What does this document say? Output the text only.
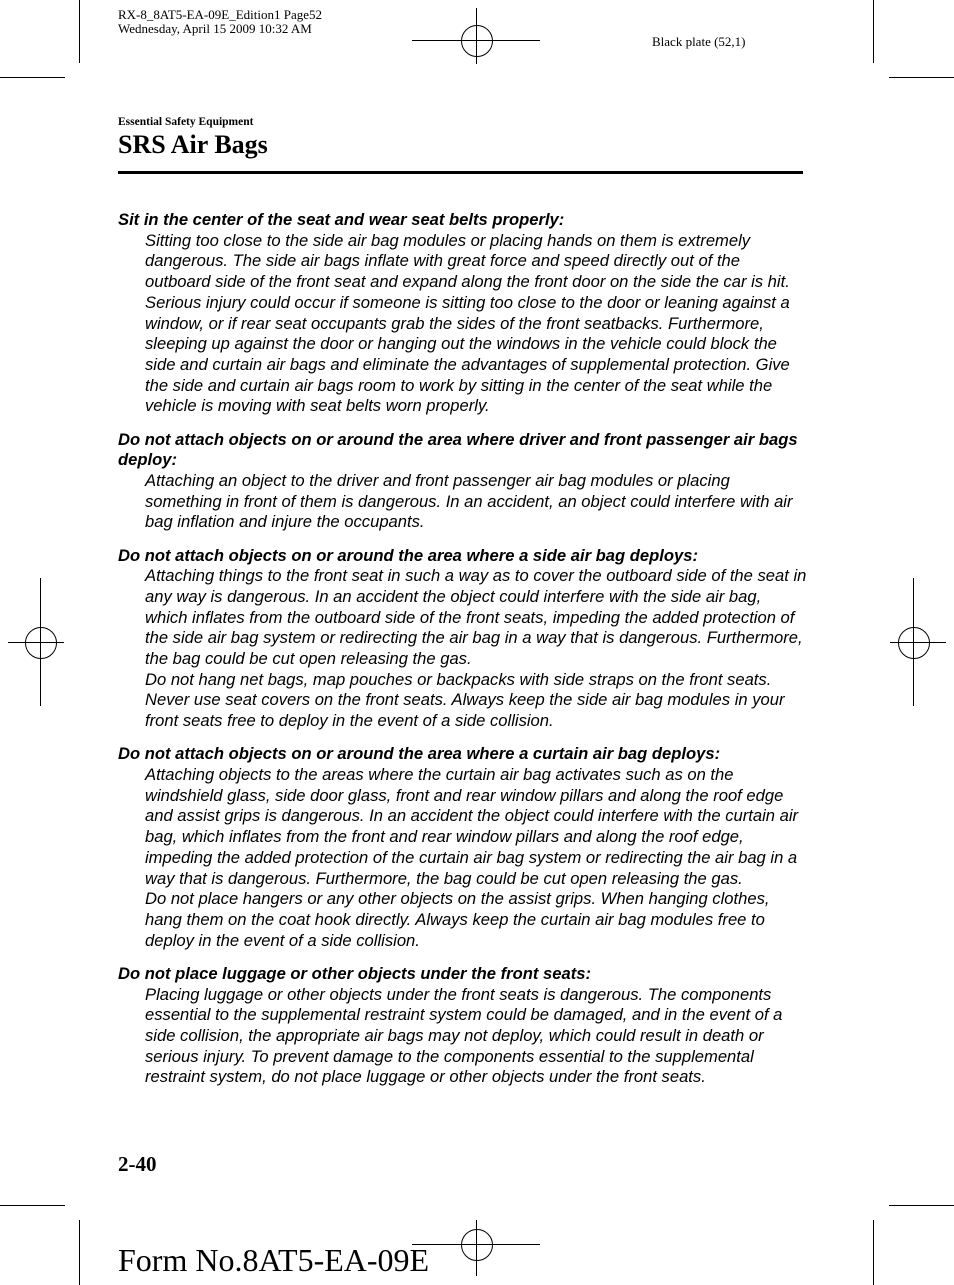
RX-8_8AT5-EA-09E_Edition1 Page52
Wednesday, April 15 2009 10:32 AM
Black plate (52,1)
Essential Safety Equipment
SRS Air Bags
Sit in the center of the seat and wear seat belts properly:
Sitting too close to the side air bag modules or placing hands on them is extremely dangerous. The side air bags inflate with great force and speed directly out of the outboard side of the front seat and expand along the front door on the side the car is hit. Serious injury could occur if someone is sitting too close to the door or leaning against a window, or if rear seat occupants grab the sides of the front seatbacks. Furthermore, sleeping up against the door or hanging out the windows in the vehicle could block the side and curtain air bags and eliminate the advantages of supplemental protection. Give the side and curtain air bags room to work by sitting in the center of the seat while the vehicle is moving with seat belts worn properly.
Do not attach objects on or around the area where driver and front passenger air bags deploy:
Attaching an object to the driver and front passenger air bag modules or placing something in front of them is dangerous. In an accident, an object could interfere with air bag inflation and injure the occupants.
Do not attach objects on or around the area where a side air bag deploys:
Attaching things to the front seat in such a way as to cover the outboard side of the seat in any way is dangerous. In an accident the object could interfere with the side air bag, which inflates from the outboard side of the front seats, impeding the added protection of the side air bag system or redirecting the air bag in a way that is dangerous. Furthermore, the bag could be cut open releasing the gas.
Do not hang net bags, map pouches or backpacks with side straps on the front seats. Never use seat covers on the front seats. Always keep the side air bag modules in your front seats free to deploy in the event of a side collision.
Do not attach objects on or around the area where a curtain air bag deploys:
Attaching objects to the areas where the curtain air bag activates such as on the windshield glass, side door glass, front and rear window pillars and along the roof edge and assist grips is dangerous. In an accident the object could interfere with the curtain air bag, which inflates from the front and rear window pillars and along the roof edge, impeding the added protection of the curtain air bag system or redirecting the air bag in a way that is dangerous. Furthermore, the bag could be cut open releasing the gas.
Do not place hangers or any other objects on the assist grips. When hanging clothes, hang them on the coat hook directly. Always keep the curtain air bag modules free to deploy in the event of a side collision.
Do not place luggage or other objects under the front seats:
Placing luggage or other objects under the front seats is dangerous. The components essential to the supplemental restraint system could be damaged, and in the event of a side collision, the appropriate air bags may not deploy, which could result in death or serious injury. To prevent damage to the components essential to the supplemental restraint system, do not place luggage or other objects under the front seats.
2-40
Form No.8AT5-EA-09E
